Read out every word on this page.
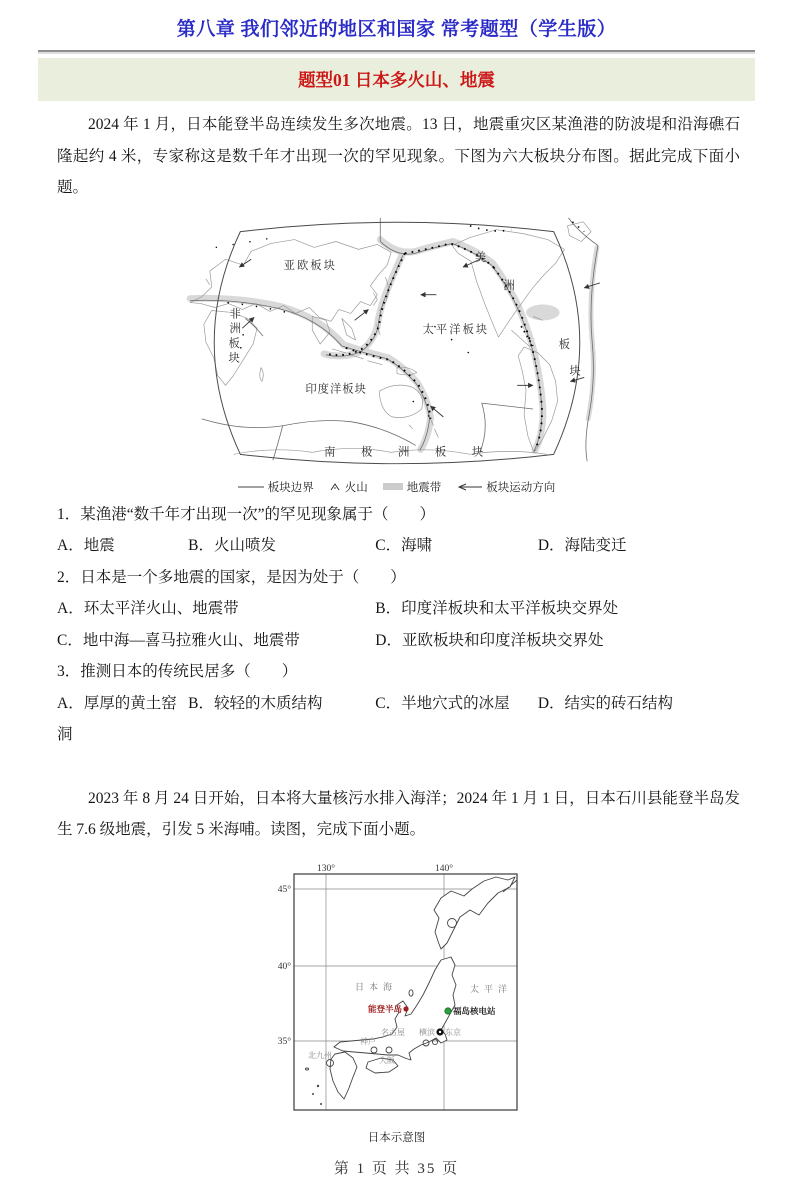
第八章 我们邻近的地区和国家 常考题型（学生版）
题型01 日本多火山、地震

2024 年 1 月，日本能登半岛连续发生多次地震。13 日，地震重灾区某渔港的防波堤和沿海礁石隆起约 4 米，专家称这是数千年才出现一次的罕见现象。下图为六大板块分布图。据此完成下面小题。

亚欧板块
非
洲
板
块
太平洋板块
美
洲
板
块
印度洋板块
南极洲板块
板块边界	火山	地震带	板块运动方向
1．某渔港“数千年才出现一次”的罕见现象属于（　　）
A．地震	B．火山喷发	C．海啸	D．海陆变迁
2．日本是一个多地震的国家，是因为处于（　　）
A．环太平洋火山、地震带	B．印度洋板块和太平洋板块交界处
C．地中海—喜马拉雅火山、地震带	D．亚欧板块和印度洋板块交界处
3．推测日本的传统民居多（　　）
A．厚厚的黄土窑洞
B．较轻的木质结构	C．半地穴式的冰屋	D．结实的砖石结构

2023 年 8 月 24 日开始，日本将大量核污水排入海洋；2024 年 1 月 1 日，日本石川县能登半岛发生 7.6 级地震，引发 5 米海哺。读图，完成下面小题。

130°	140°
45°
40°
35°
日本海	太平洋
能登半岛	福岛核电站
名古屋 横滨 东京
神户
大阪
北九州
日本示意图
第 1 页 共 35 页
